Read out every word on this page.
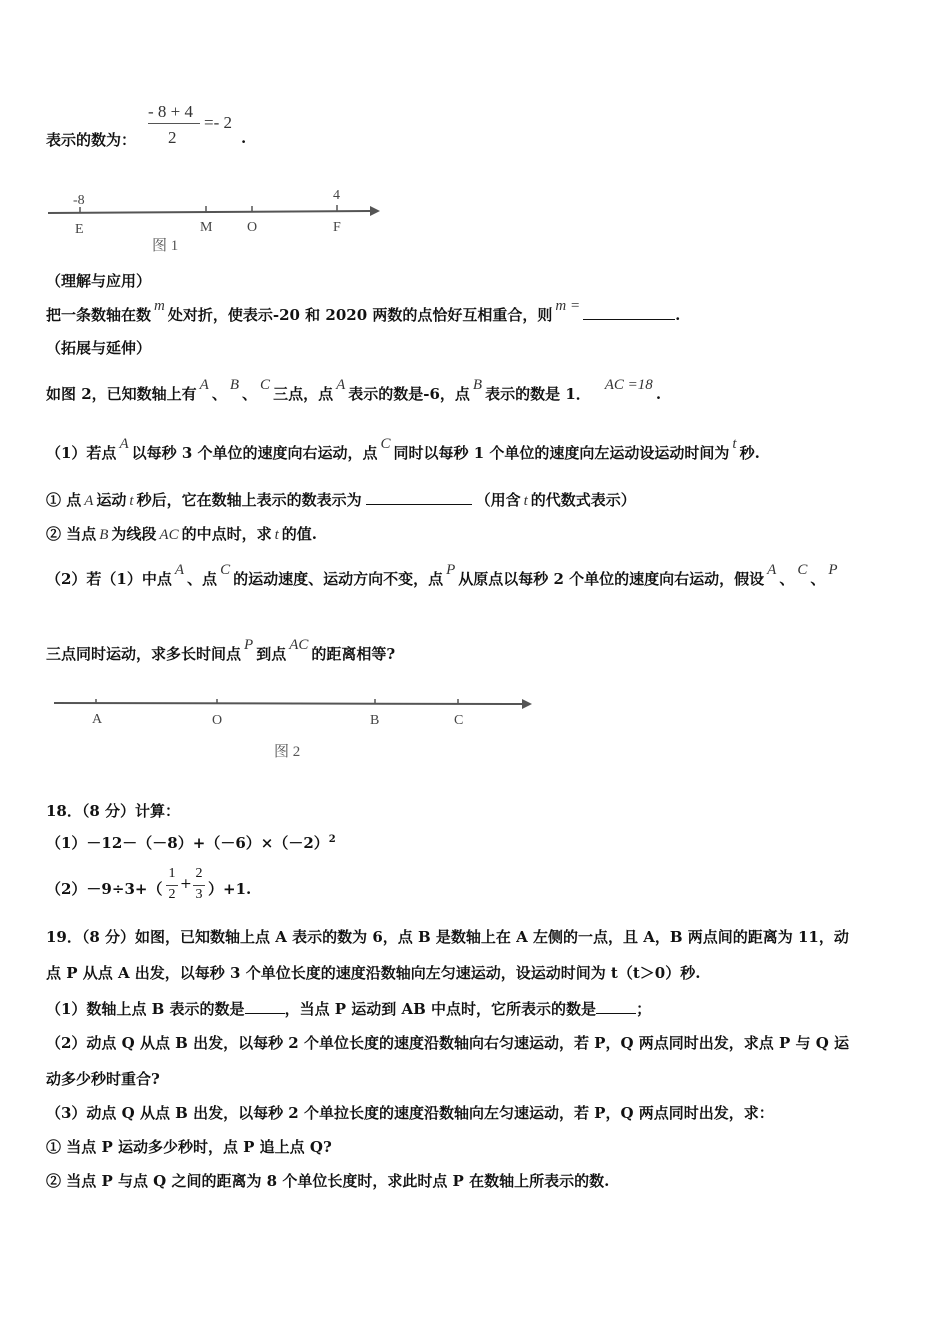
表示的数为：
- 8 + 4
2
=- 2
.
-8	4
E	M O	F
图 1
（理解与应用）
把一条数轴在数 m 处对折，使表示-20 和 2020 两数的点恰好互相重合，则 m =	.
（拓展与延伸）
如图 2，已知数轴上有 A 、 B 、 C 三点，点 A 表示的数是-6，点 B 表示的数是 1． AC =18 .
（1）若点 A 以每秒 3 个单位的速度向右运动，点 C 同时以每秒 1 个单位的速度向左运动设运动时间为 t 秒.
① 点 A 运动 t 秒后，它在数轴上表示的数表示为	（用含 t 的代数式表示）
② 当点 B 为线段 AC 的中点时，求 t 的值.
（2）若（1）中点 A 、点 C 的运动速度、运动方向不变，点 P 从原点以每秒 2 个单位的速度向右运动，假设 A 、 C 、 P
三点同时运动，求多长时间点 P 到点 AC 的距离相等?
A	O	B	C
图 2
18．（8 分）计算：
$(1)-12-(-8)+(-6)\times(-2)^2$
（2）－9÷3+（
1
2
+
2
3 ）+1.
19．（8 分）如图，已知数轴上点 A 表示的数为 6，点 B 是数轴上在 A 左侧的一点，且 A，B 两点间的距离为 11，动
点 P 从点 A 出发，以每秒 3 个单位长度的速度沿数轴向左匀速运动，设运动时间为 t（t＞0）秒.
（1）数轴上点 B 表示的数是	，当点 P 运动到 AB 中点时，它所表示的数是	；
（2）动点 Q 从点 B 出发，以每秒 2 个单位长度的速度沿数轴向右匀速运动，若 P，Q 两点同时出发，求点 P 与 Q 运
动多少秒时重合?
（3）动点 Q 从点 B 出发，以每秒 2 个单拉长度的速度沿数轴向左匀速运动，若 P，Q 两点同时出发，求：
① 当点 P 运动多少秒时，点 P 追上点 Q?
② 当点 P 与点 Q 之间的距离为 8 个单位长度时，求此时点 P 在数轴上所表示的数.
